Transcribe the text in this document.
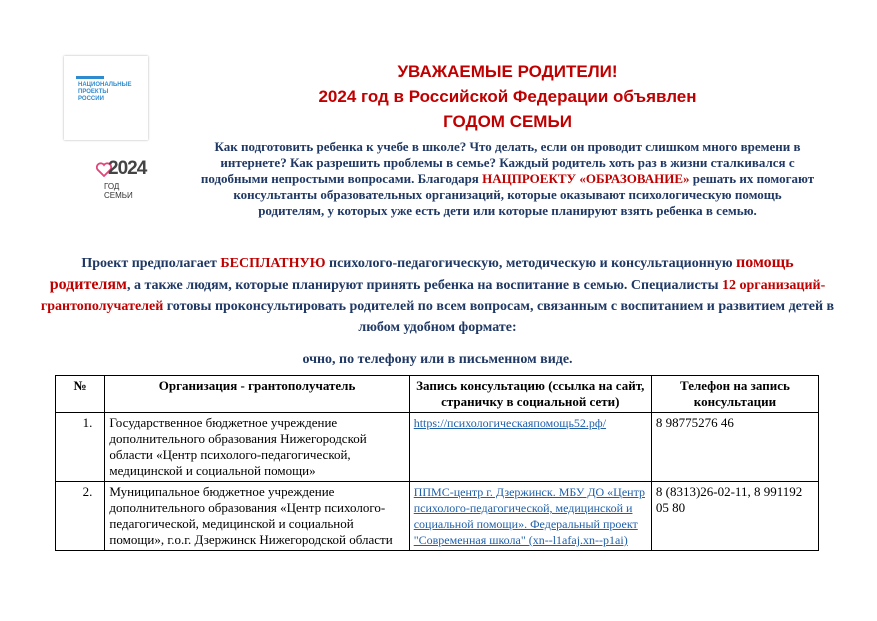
НАЦИОНАЛЬНЫЕ
ПРОЕКТЫ
РОССИИ
2024
ГОД СЕМЬИ
УВАЖАЕМЫЕ РОДИТЕЛИ!
2024 год в Российской Федерации объявлен
ГОДОМ СЕМЬИ
Как подготовить ребенка к учебе в школе? Что делать, если он проводит слишком много времени в интернете? Как разрешить проблемы в семье? Каждый родитель хоть раз в жизни сталкивался с подобными непростыми вопросами. Благодаря НАЦПРОЕКТУ «ОБРАЗОВАНИЕ» решать их помогают консультанты образовательных организаций, которые оказывают психологическую помощь родителям, у которых уже есть дети или которые планируют взять ребенка в семью.
Проект предполагает БЕСПЛАТНУЮ психолого-педагогическую, методическую и консультационную помощь родителям, а также людям, которые планируют принять ребенка на воспитание в семью. Специалисты 12 организаций-грантополучателей готовы проконсультировать родителей по всем вопросам, связанным с воспитанием и развитием детей в любом удобном формате:
очно, по телефону или в письменном виде.
№	Организация - грантополучатель	Запись консультацию (ссылка на сайт, страничку в социальной сети)	Телефон на запись консультации
1.	Государственное бюджетное учреждение дополнительного образования Нижегородской области «Центр психолого-педагогической, медицинской и социальной помощи»	https://психологическаяпомощь52.рф/	8 98775276 46
2.	Муниципальное бюджетное учреждение дополнительного образования «Центр психолого-педагогической, медицинской и социальной помощи», г.о.г. Дзержинск Нижегородской области	ППМС-центр г. Дзержинск. МБУ ДО «Центр психолого-педагогической, медицинской и социальной помощи». Федеральный проект "Современная школа" (xn--l1afaj.xn--p1ai)	8 (8313)26-02-11, 8 991192 05 80
